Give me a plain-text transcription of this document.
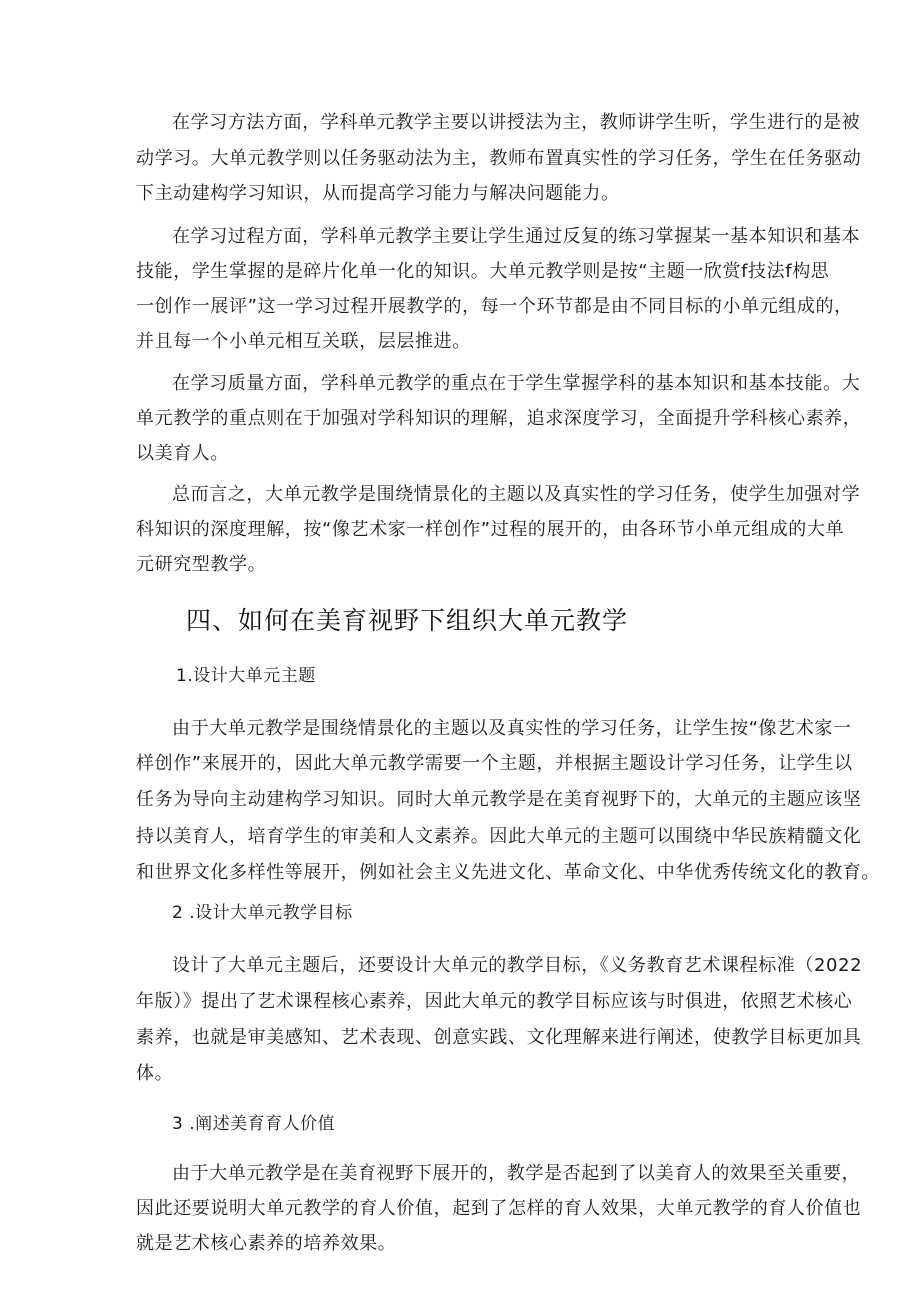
在学习方法方面，学科单元教学主要以讲授法为主，教师讲学生听，学生进行的是被
动学习。大单元教学则以任务驱动法为主，教师布置真实性的学习任务，学生在任务驱动
下主动建构学习知识，从而提高学习能力与解决问题能力。
在学习过程方面，学科单元教学主要让学生通过反复的练习掌握某一基本知识和基本
技能，学生掌握的是碎片化单一化的知识。大单元教学则是按“主题一欣赏f技法f构思
一创作一展评”这一学习过程开展教学的，每一个环节都是由不同目标的小单元组成的，
并且每一个小单元相互关联，层层推进。
在学习质量方面，学科单元教学的重点在于学生掌握学科的基本知识和基本技能。大
单元教学的重点则在于加强对学科知识的理解，追求深度学习，全面提升学科核心素养，
以美育人。
总而言之，大单元教学是围绕情景化的主题以及真实性的学习任务，使学生加强对学
科知识的深度理解，按“像艺术家一样创作”过程的展开的，由各环节小单元组成的大单
元研究型教学。
四、如何在美育视野下组织大单元教学
1.设计大单元主题
由于大单元教学是围绕情景化的主题以及真实性的学习任务，让学生按“像艺术家一
样创作”来展开的，因此大单元教学需要一个主题，并根据主题设计学习任务，让学生以
任务为导向主动建构学习知识。同时大单元教学是在美育视野下的，大单元的主题应该坚
持以美育人，培育学生的审美和人文素养。因此大单元的主题可以围绕中华民族精髓文化
和世界文化多样性等展开，例如社会主义先进文化、革命文化、中华优秀传统文化的教育。
2 .设计大单元教学目标
设计了大单元主题后，还要设计大单元的教学目标，《义务教育艺术课程标准（2022
年版）》提出了艺术课程核心素养，因此大单元的教学目标应该与时俱进，依照艺术核心
素养，也就是审美感知、艺术表现、创意实践、文化理解来进行阐述，使教学目标更加具
体。
3 .阐述美育育人价值
由于大单元教学是在美育视野下展开的，教学是否起到了以美育人的效果至关重要，
因此还要说明大单元教学的育人价值，起到了怎样的育人效果，大单元教学的育人价值也
就是艺术核心素养的培养效果。
